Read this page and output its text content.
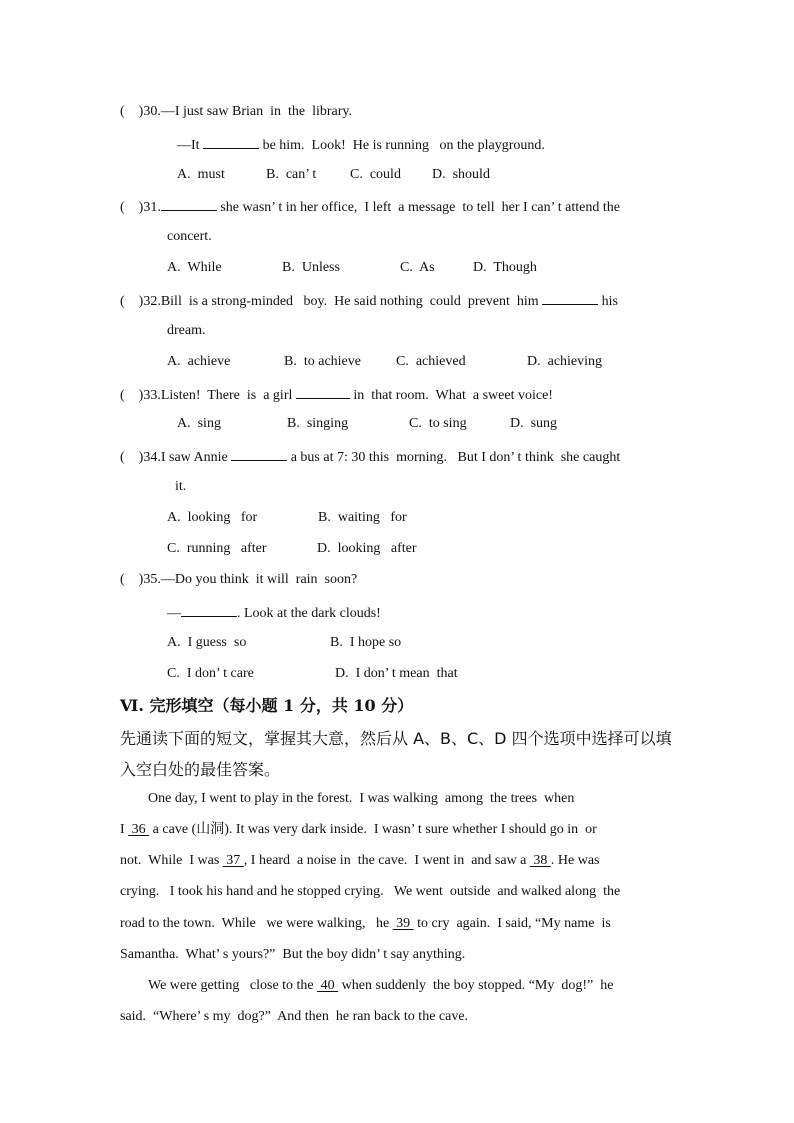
(    )30.—I just saw Brian  in  the  library.
—It	be him.  Look!  He is running   on the playground.
A.  must	B.  can’ t C.  could D.  should
(    )31.	she wasn’ t in her office,  I left  a message  to tell  her I can’ t attend the
concert.
A.  While	B.  Unless	C.  As	D.  Though
(    )32.Bill  is a strong-minded   boy.  He said nothing  could  prevent  him	his
dream.
A.  achieve	B.  to achieve	C.  achieved	D.  achieving
(    )33.Listen!  There  is  a girl	in  that room.  What  a sweet voice!
A.  sing	B.  singing	C.  to sing	D.  sung
(    )34.I saw Annie	a bus at 7: 30 this  morning.   But I don’ t think  she caught
it.
A.  looking   for	B.  waiting   for
C.  running   after	D.  looking   after
(    )35.—Do you think  it will  rain  soon?
—	. Look at the dark clouds!
A.  I guess  so	B.  I hope so
C.  I don’ t care	D.  I don’ t mean  that
Ⅵ. 完形填空（每小题 1 分，共 10 分）
先通读下面的短文，掌握其大意，然后从 A、B、C、D 四个选项中选择可以填
入空白处的最佳答案。
One day, I went to play in the forest.  I was walking  among  the trees  when
I  36  a cave (山洞). It was very dark inside.  I wasn’ t sure whether I should go in  or
not.  While  I was  37 , I heard  a noise in  the cave.  I went in  and saw a  38 . He was
crying.   I took his hand and he stopped crying.   We went  outside  and walked along  the
road to the town.  While   we were walking,   he  39  to cry  again.  I said, “My name  is
Samantha.  What’ s yours?”  But the boy didn’ t say anything.
We were getting   close to the  40  when suddenly  the boy stopped. “My  dog!”  he
said.  “Where’ s my  dog?”  And then  he ran back to the cave.
